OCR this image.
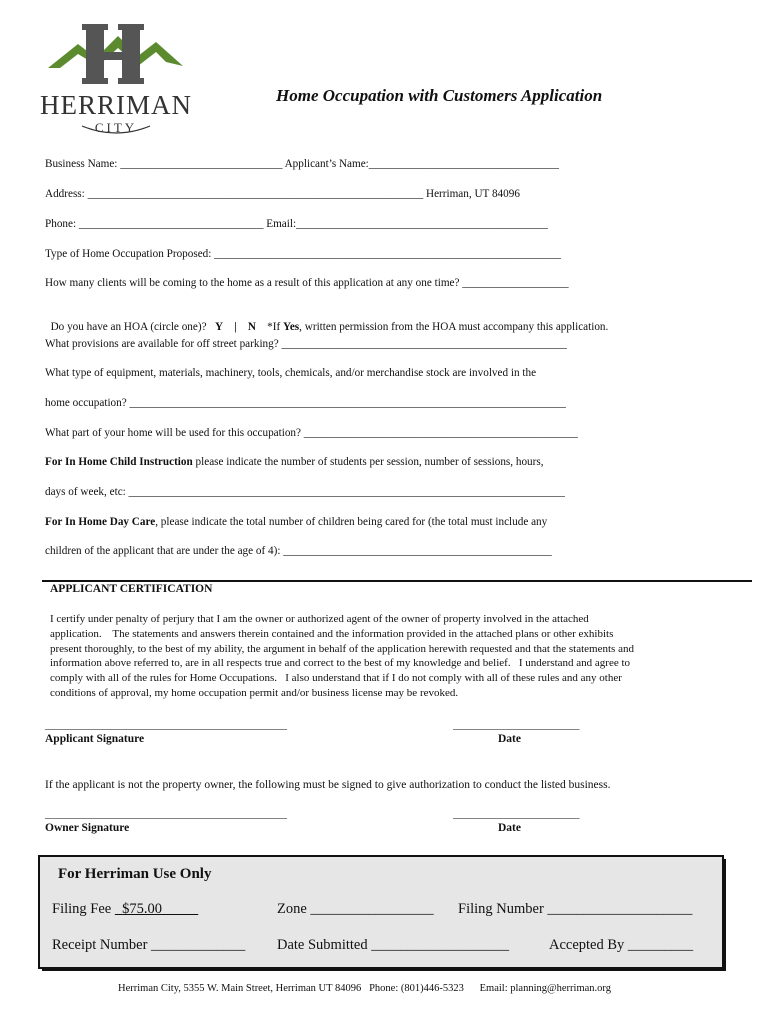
HERRIMAN
CITY
Home Occupation with Customers Application
Business Name: _____________________________ Applicant’s Name:__________________________________
Address: ____________________________________________________________ Herriman, UT 84096
Phone: _________________________________ Email:_____________________________________________
Type of Home Occupation Proposed: ______________________________________________________________
How many clients will be coming to the home as a result of this application at any one time? ___________________

Do you have an HOA (circle one)? Y | N *If Yes, written permission from the HOA must accompany this application.

What provisions are available for off street parking? ___________________________________________________
What type of equipment, materials, machinery, tools, chemicals, and/or merchandise stock are involved in the
home occupation? ______________________________________________________________________________
What part of your home will be used for this occupation? _________________________________________________
For In Home Child Instruction please indicate the number of students per session, number of sessions, hours,
days of week, etc: ______________________________________________________________________________
For In Home Day Care, please indicate the total number of children being cared for (the total must include any
children of the applicant that are under the age of 4): ________________________________________________
APPLICANT CERTIFICATION
I certify under penalty of perjury that I am the owner or authorized agent of the owner of property involved in the attached
application.    The statements and answers therein contained and the information provided in the attached plans or other exhibits
present thoroughly, to the best of my ability, the argument in behalf of the application herewith requested and that the statements and
information above referred to, are in all respects true and correct to the best of my knowledge and belief.   I understand and agree to
comply with all of the rules for Home Occupations.   I also understand that if I do not comply with all of these rules and any other
conditions of approval, my home occupation permit and/or business license may be revoked.
____________________________________________	_______________________
Applicant Signature	Date
If the applicant is not the property owner, the following must be signed to give authorization to conduct the listed business.
____________________________________________	_______________________
Owner Signature	Date
For Herriman Use Only
Filing Fee $75.00	Zone _________________ Filing Number ____________________
Receipt Number _____________ Date Submitted ___________________	Accepted By _________
Herriman City, 5355 W. Main Street, Herriman UT 84096   Phone: (801)446-5323      Email: planning@herriman.org
